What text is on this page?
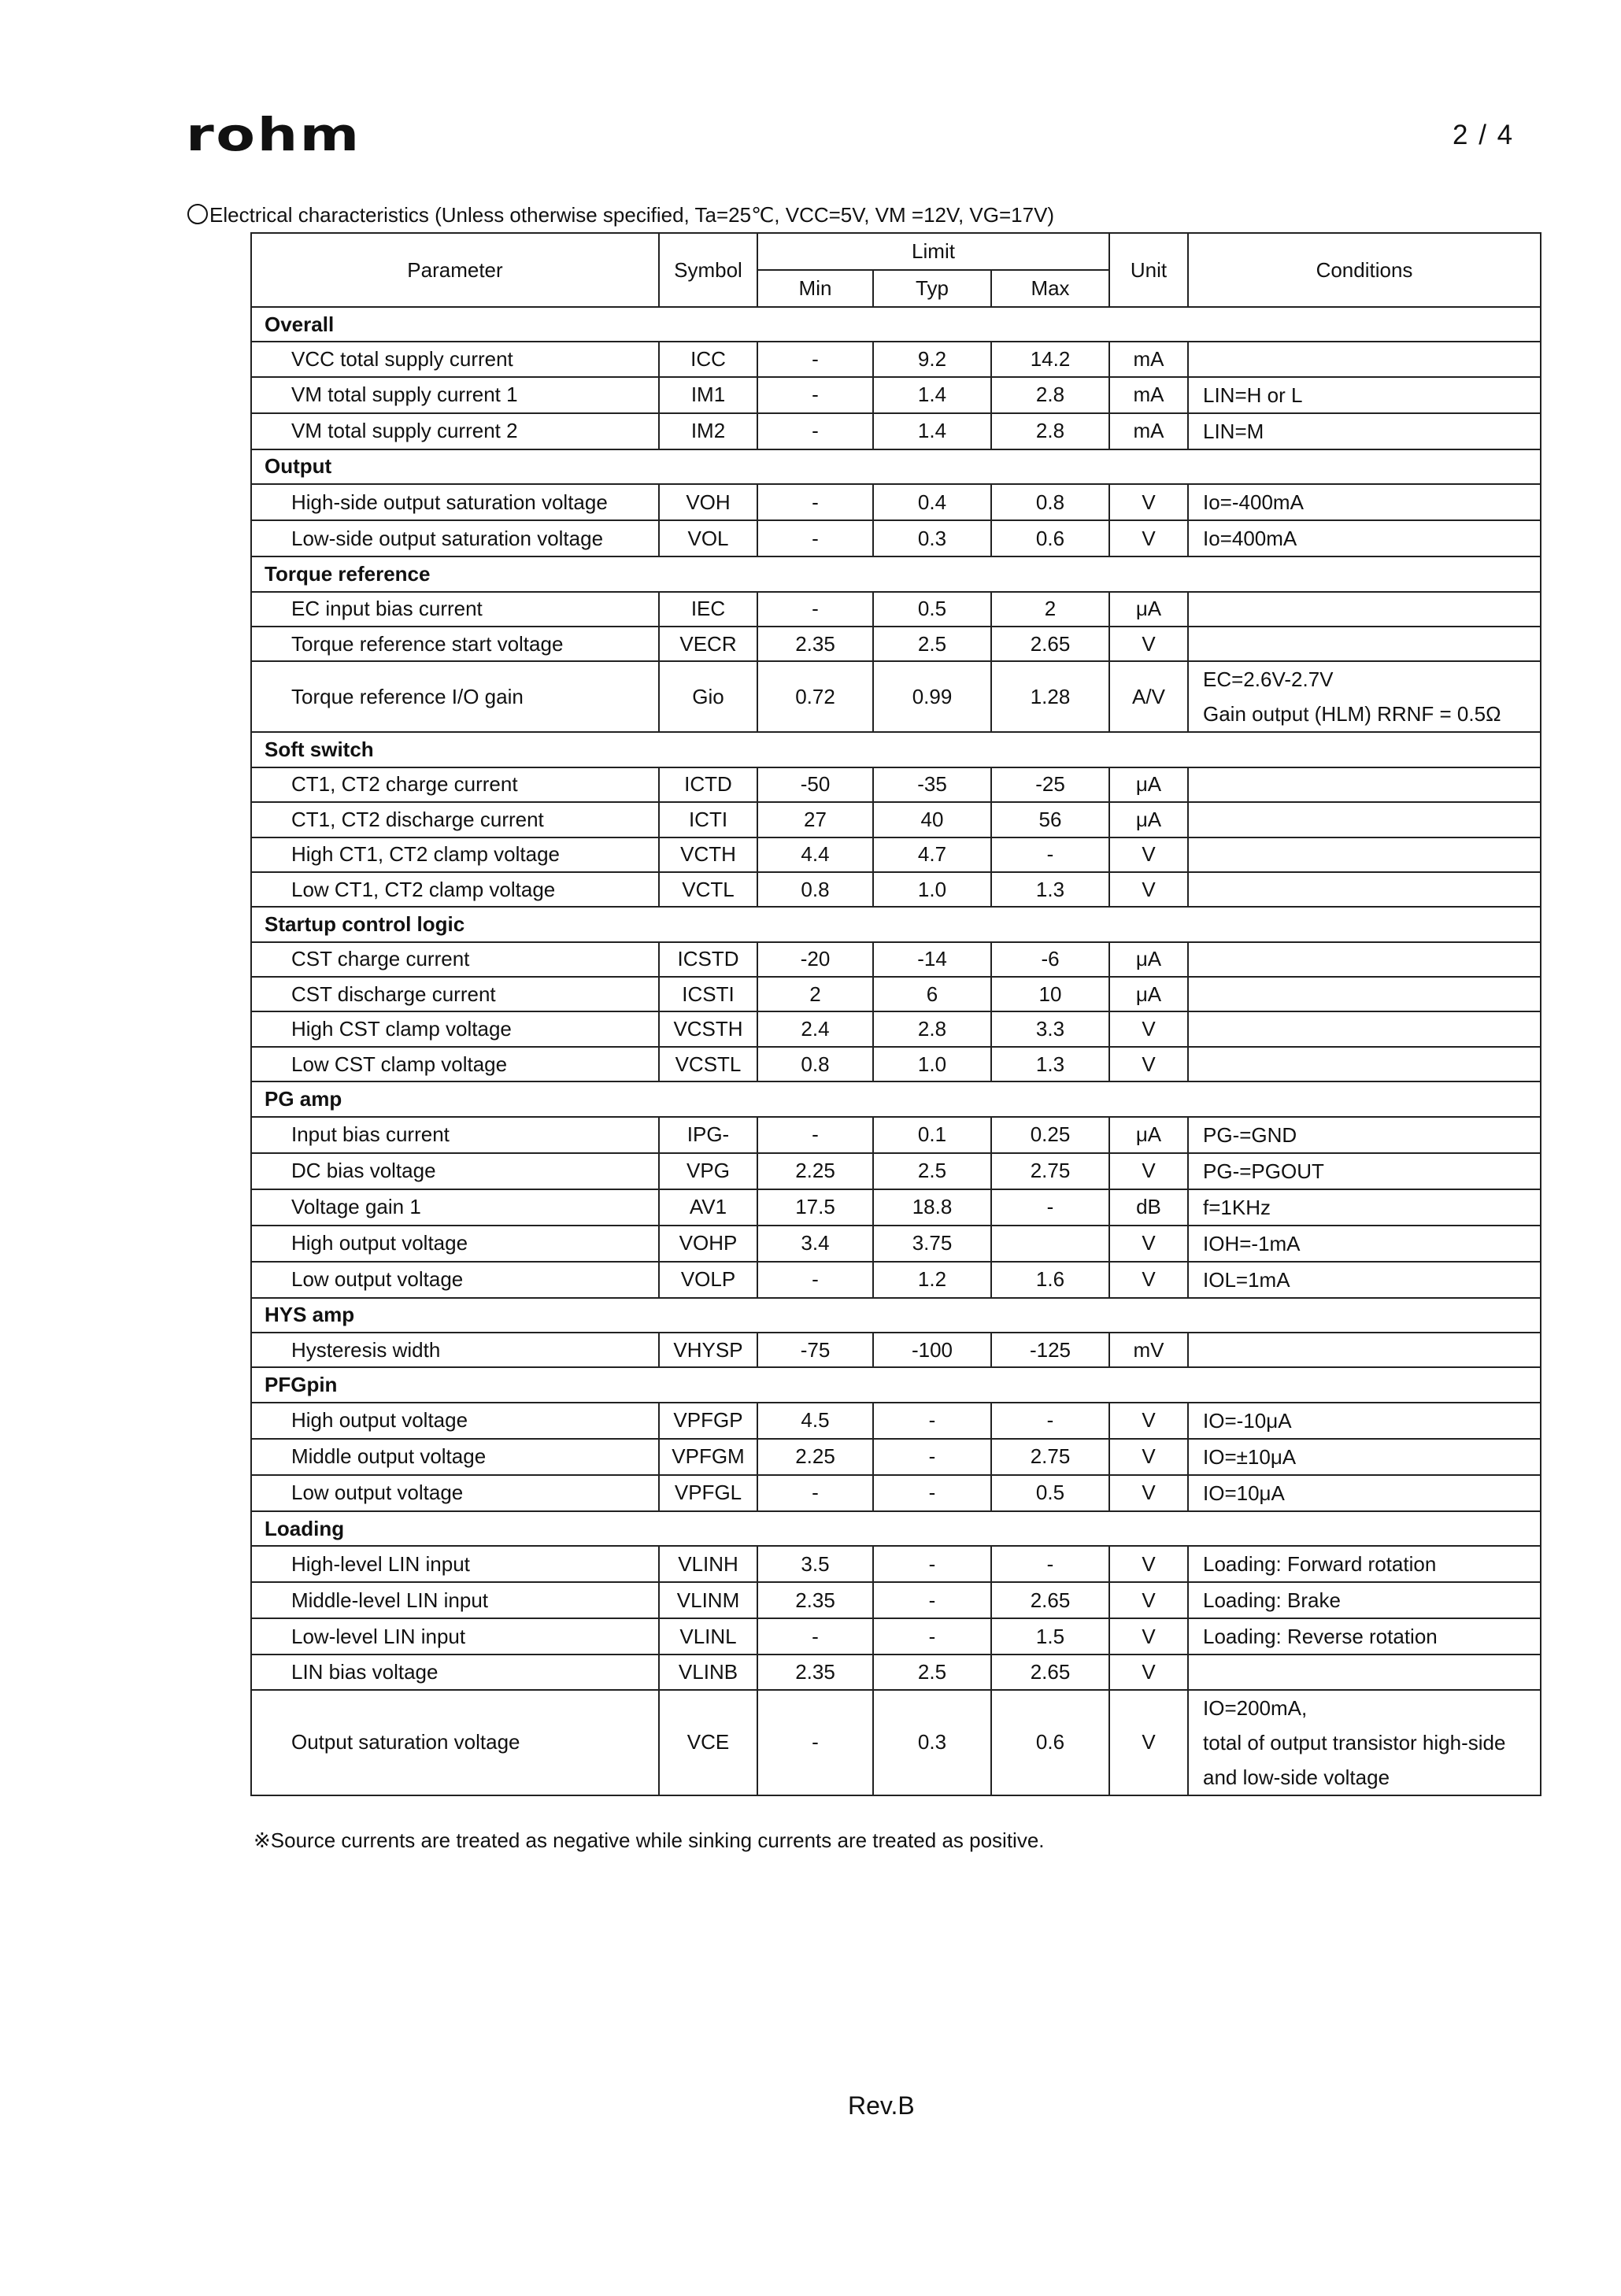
rohm	2 / 4
Electrical characteristics (Unless otherwise specified, Ta=25℃, VCC=5V, VM =12V, VG=17V)
Parameter	Symbol	Limit			Unit	Conditions
		Min	Typ	Max		
Overall						
VCC total supply current	ICC	-	9.2	14.2	mA	

VM total supply current 1	IM1	-	1.4	2.8	mA	LIN=H or L

VM total supply current 2	IM2	-	1.4	2.8	mA	LIN=M

Output						
High-side output saturation voltage	VOH	-	0.4	0.8	V	Io=-400mA

Low-side output saturation voltage	VOL	-	0.3	0.6	V	Io=400mA

Torque reference						
EC input bias current	IEC	-	0.5	2	μA	

Torque reference start voltage	VECR	2.35	2.5	2.65	V	

Torque reference I/O gain	Gio	0.72	0.99	1.28	A/V	EC=2.6V-2.7V
Gain output (HLM) RRNF = 0.5Ω

Soft switch						
CT1, CT2 charge current	ICTD	-50	-35	-25	μA	

CT1, CT2 discharge current	ICTI	27	40	56	μA	

High CT1, CT2 clamp voltage	VCTH	4.4	4.7	-	V	

Low CT1, CT2 clamp voltage	VCTL	0.8	1.0	1.3	V	

Startup control logic						
CST charge current	ICSTD	-20	-14	-6	μA	

CST discharge current	ICSTI	2	6	10	μA	

High CST clamp voltage	VCSTH	2.4	2.8	3.3	V	

Low CST clamp voltage	VCSTL	0.8	1.0	1.3	V	

PG amp						
Input bias current	IPG-	-	0.1	0.25	μA	PG-=GND

DC bias voltage	VPG	2.25	2.5	2.75	V	PG-=PGOUT

Voltage gain 1	AV1	17.5	18.8	-	dB	f=1KHz

High output voltage	VOHP	3.4	3.75		V	IOH=-1mA

Low output voltage	VOLP	-	1.2	1.6	V	IOL=1mA

HYS amp						
Hysteresis width	VHYSP	-75	-100	-125	mV	

PFGpin						
High output voltage	VPFGP	4.5	-	-	V	IO=-10μA

Middle output voltage	VPFGM	2.25	-	2.75	V	IO=±10μA

Low output voltage	VPFGL	-	-	0.5	V	IO=10μA

Loading						
High-level LIN input	VLINH	3.5	-	-	V	Loading: Forward rotation

Middle-level LIN input	VLINM	2.35	-	2.65	V	Loading: Brake

Low-level LIN input	VLINL	-	-	1.5	V	Loading: Reverse rotation

LIN bias voltage	VLINB	2.35	2.5	2.65	V	

Output saturation voltage	VCE	-	0.3	0.6	V	IO=200mA,
total of output transistor high-side
and low-side voltage
※Source currents are treated as negative while sinking currents are treated as positive.
Rev.B
